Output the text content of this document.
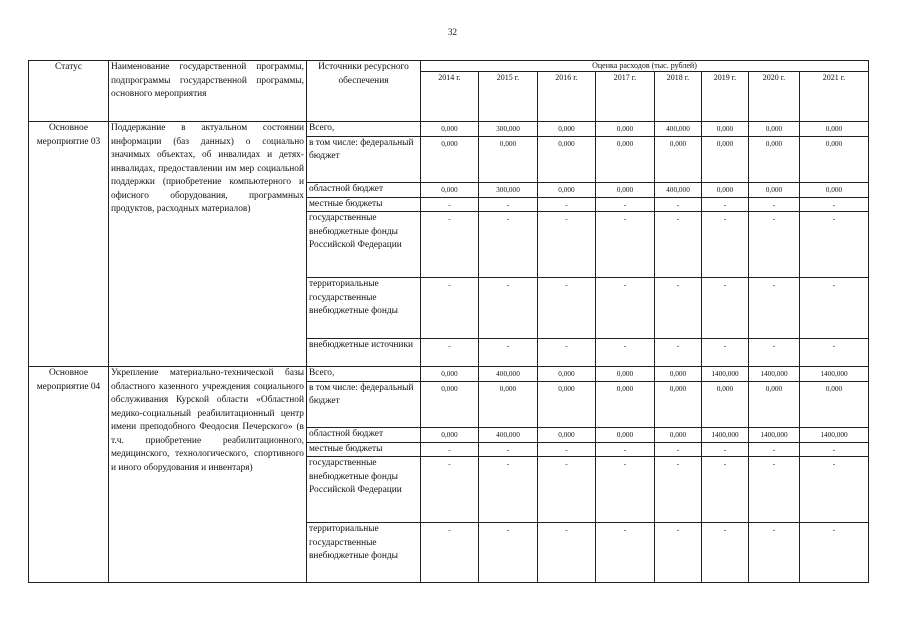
32
Статус	Наименование государственной программы, подпрограммы государственной программы, основного мероприятия	Источники ресурсного обеспечения	Оценка расходов (тыс. рублей)							
			2014 г.	2015 г.	2016 г.	2017 г.	2018 г.	2019 г.	2020 г.	2021 г.
Основное мероприятие 03	Поддержание в актуальном состоянии информации (баз данных) о социально значимых объектах, об инвалидах и детях-инвалидах, предоставлении им мер социальной поддержки (приобретение компьютерного и офисного оборудования, программных продуктов, расходных материалов)	Всего,	0,000	300,000	0,000	0,000	400,000	0,000	0,000	0,000
		в том числе: федеральный бюджет	0,000	0,000	0,000	0,000	0,000	0,000	0,000	0,000
		областной бюджет	0,000	300,000	0,000	0,000	400,000	0,000	0,000	0,000
		местные бюджеты	-	-	-	-	-	-	-	-
		государственные внебюджетные фонды Российской Федерации	-	-	-	-	-	-	-	-
		территориальные государственные внебюджетные фонды	-	-	-	-	-	-	-	-
		внебюджетные источники	-	-	-	-	-	-	-	-
Основное мероприятие 04	Укрепление материально-технической базы областного казенного учреждения социального обслуживания Курской области «Областной медико-социальный реабилитационный центр имени преподобного Феодосия Печерского» (в т.ч. приобретение реабилитационного, медицинского, технологического, спортивного и иного оборудования и инвентаря)	Всего,	0,000	400,000	0,000	0,000	0,000	1400,000	1400,000	1400,000
		в том числе: федеральный бюджет	0,000	0,000	0,000	0,000	0,000	0,000	0,000	0,000
		областной бюджет	0,000	400,000	0,000	0,000	0,000	1400,000	1400,000	1400,000
		местные бюджеты	-	-	-	-	-	-	-	-
		государственные внебюджетные фонды Российской Федерации	-	-	-	-	-	-	-	-
		территориальные государственные внебюджетные фонды	-	-	-	-	-	-	-	-
